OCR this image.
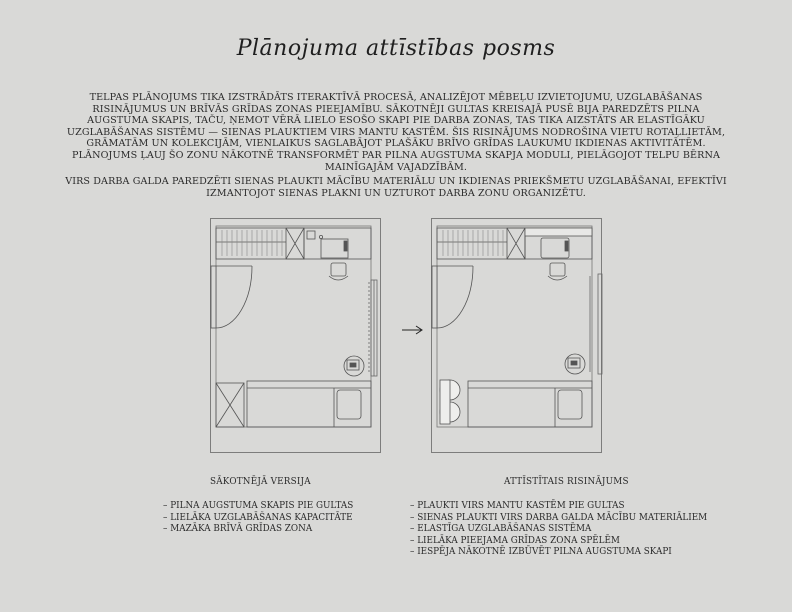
Plānojuma attīstības posms
TELPAS PLĀNOJUMS TIKA IZSTRĀDĀTS ITERAKTĪVĀ PROCESĀ, ANALIZĒJOT MĒBEĻU IZVIETOJUMU, UZGLABĀŠANAS RISINĀJUMUS UN BRĪVĀS GRĪDAS ZONAS PIEEJAMĪBU. SĀKOTNĒJI GULTAS KREISAJĀ PUSĒ BIJA PAREDZĒTS PILNA AUGSTUMA SKAPIS, TAČU, ŅEMOT VĒRĀ LIELO ESOŠO SKAPI PIE DARBA ZONAS, TAS TIKA AIZSTĀTS AR ELASTĪGĀKU UZGLABĀŠANAS SISTĒMU — SIENAS PLAUKTIEM VIRS MANTU KASTĒM. ŠIS RISINĀJUMS NODROŠINA VIETU ROTAĻLIETĀM, GRĀMATĀM UN KOLEKCIJĀM, VIENLAIKUS SAGLABĀJOT PLAŠĀKU BRĪVO GRĪDAS LAUKUMU IKDIENAS AKTIVITĀTĒM. PLĀNOJUMS ĻAUJ ŠO ZONU NĀKOTNĒ TRANSFORMĒT PAR PILNA AUGSTUMA SKAPJA MODULI, PIELĀGOJOT TELPU BĒRNA MAINĪGAJĀM VAJADZĪBĀM.
VIRS DARBA GALDA PAREDZĒTI SIENAS PLAUKTI MĀCĪBU MATERIĀLU UN IKDIENAS PRIEKŠMETU UZGLABĀŠANAI, EFEKTĪVI IZMANTOJOT SIENAS PLAKNI UN UZTUROT DARBA ZONU ORGANIZĒTU.
SĀKOTNĒJĀ VERSIJA	ATTĪSTĪTAIS RISINĀJUMS
– PILNA AUGSTUMA SKAPIS PIE GULTAS
– LIELĀKA UZGLABĀŠANAS KAPACITĀTE
– MAZĀKA BRĪVĀ GRĪDAS ZONA
– PLAUKTI VIRS MANTU KASTĒM PIE GULTAS
– SIENAS PLAUKTI VIRS DARBA GALDA MĀCĪBU MATERIĀLIEM
– ELASTĪGA UZGLABĀŠANAS SISTĒMA
– LIELĀKA PIEEJAMA GRĪDAS ZONA SPĒLĒM
– IESPĒJA NĀKOTNĒ IZBŪVĒT PILNA AUGSTUMA SKAPI
